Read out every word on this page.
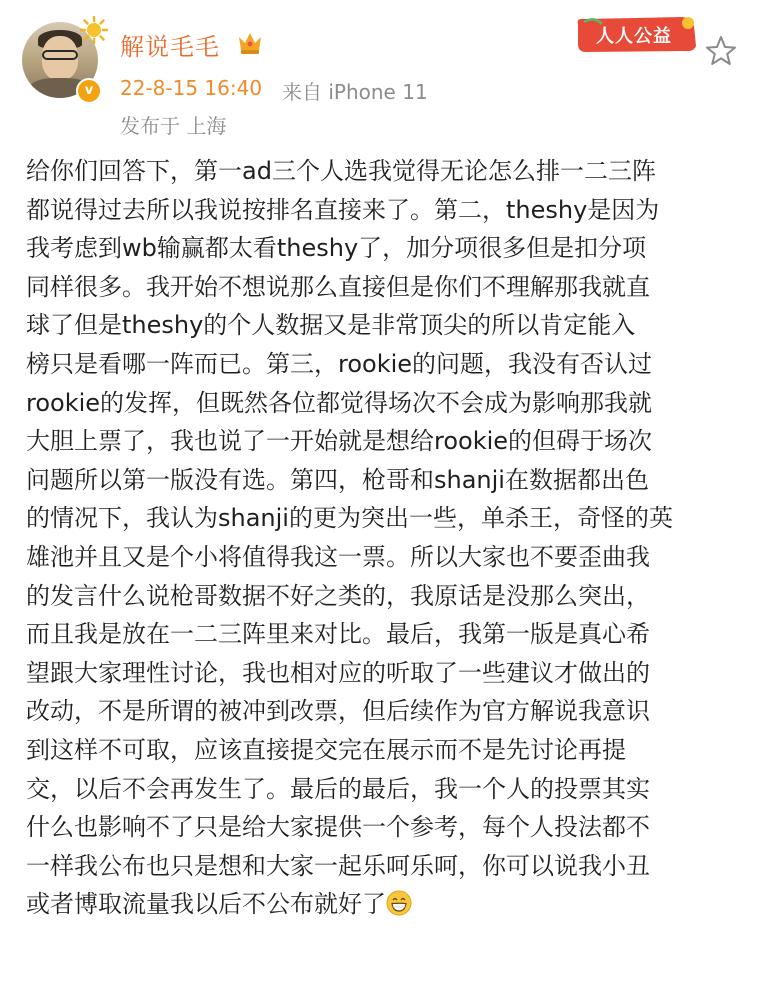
v
解说毛毛
22-8-15 16:40 来自 iPhone 11
发布于 上海
人人公益

给你们回答下，第一ad三个人选我觉得无论怎么排一二三阵

都说得过去所以我说按排名直接来了。第二，theshy是因为

我考虑到wb输赢都太看theshy了，加分项很多但是扣分项

同样很多。我开始不想说那么直接但是你们不理解那我就直

球了但是theshy的个人数据又是非常顶尖的所以肯定能入

榜只是看哪一阵而已。第三，rookie的问题，我没有否认过

rookie的发挥，但既然各位都觉得场次不会成为影响那我就

大胆上票了，我也说了一开始就是想给rookie的但碍于场次

问题所以第一版没有选。第四，枪哥和shanji在数据都出色

的情况下，我认为shanji的更为突出一些，单杀王，奇怪的英

雄池并且又是个小将值得我这一票。所以大家也不要歪曲我

的发言什么说枪哥数据不好之类的，我原话是没那么突出，

而且我是放在一二三阵里来对比。最后，我第一版是真心希

望跟大家理性讨论，我也相对应的听取了一些建议才做出的

改动，不是所谓的被冲到改票，但后续作为官方解说我意识

到这样不可取，应该直接提交完在展示而不是先讨论再提

交，以后不会再发生了。最后的最后，我一个人的投票其实

什么也影响不了只是给大家提供一个参考，每个人投法都不

一样我公布也只是想和大家一起乐呵乐呵，你可以说我小丑

或者博取流量我以后不公布就好了
